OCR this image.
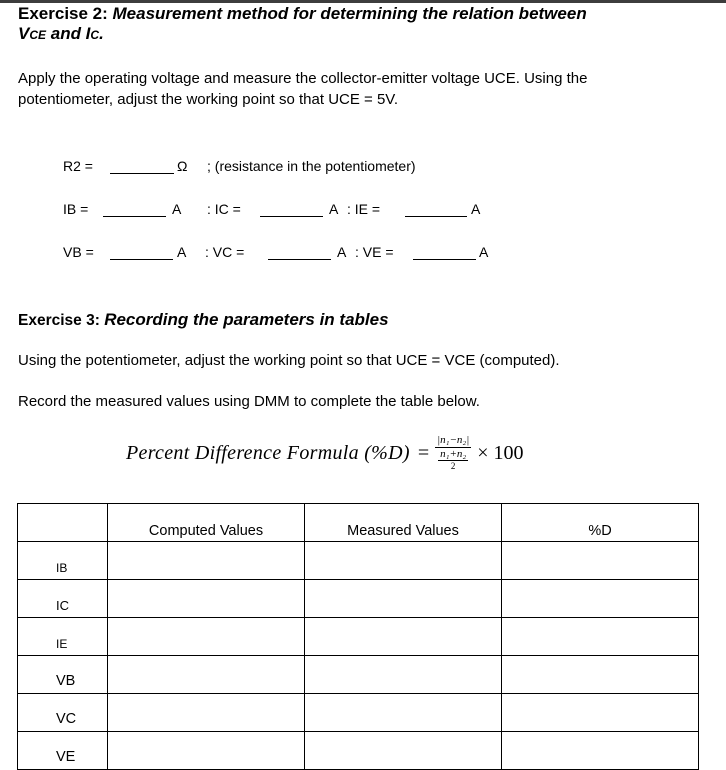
Exercise 2: Measurement method for determining the relation between
VCE and IC.
Apply the operating voltage and measure the collector-emitter voltage UCE. Using the
potentiometer, adjust the working point so that UCE = 5V.
R2 =	Ω ; (resistance in the potentiometer)
IB =	A : IC =	A : IE =	A
VB =	A : VC =	A : VE =	A
Exercise 3: Recording the parameters in tables
Using the potentiometer, adjust the working point so that UCE = VCE (computed).
Record the measured values using DMM to complete the table below.
Percent Difference Formula (%D) = |n₁−n₂|
n₁+n₂
2 × 100
	Computed Values	Measured Values	%D
IB			
IC			
IE			
VB			
VC			
VE			
